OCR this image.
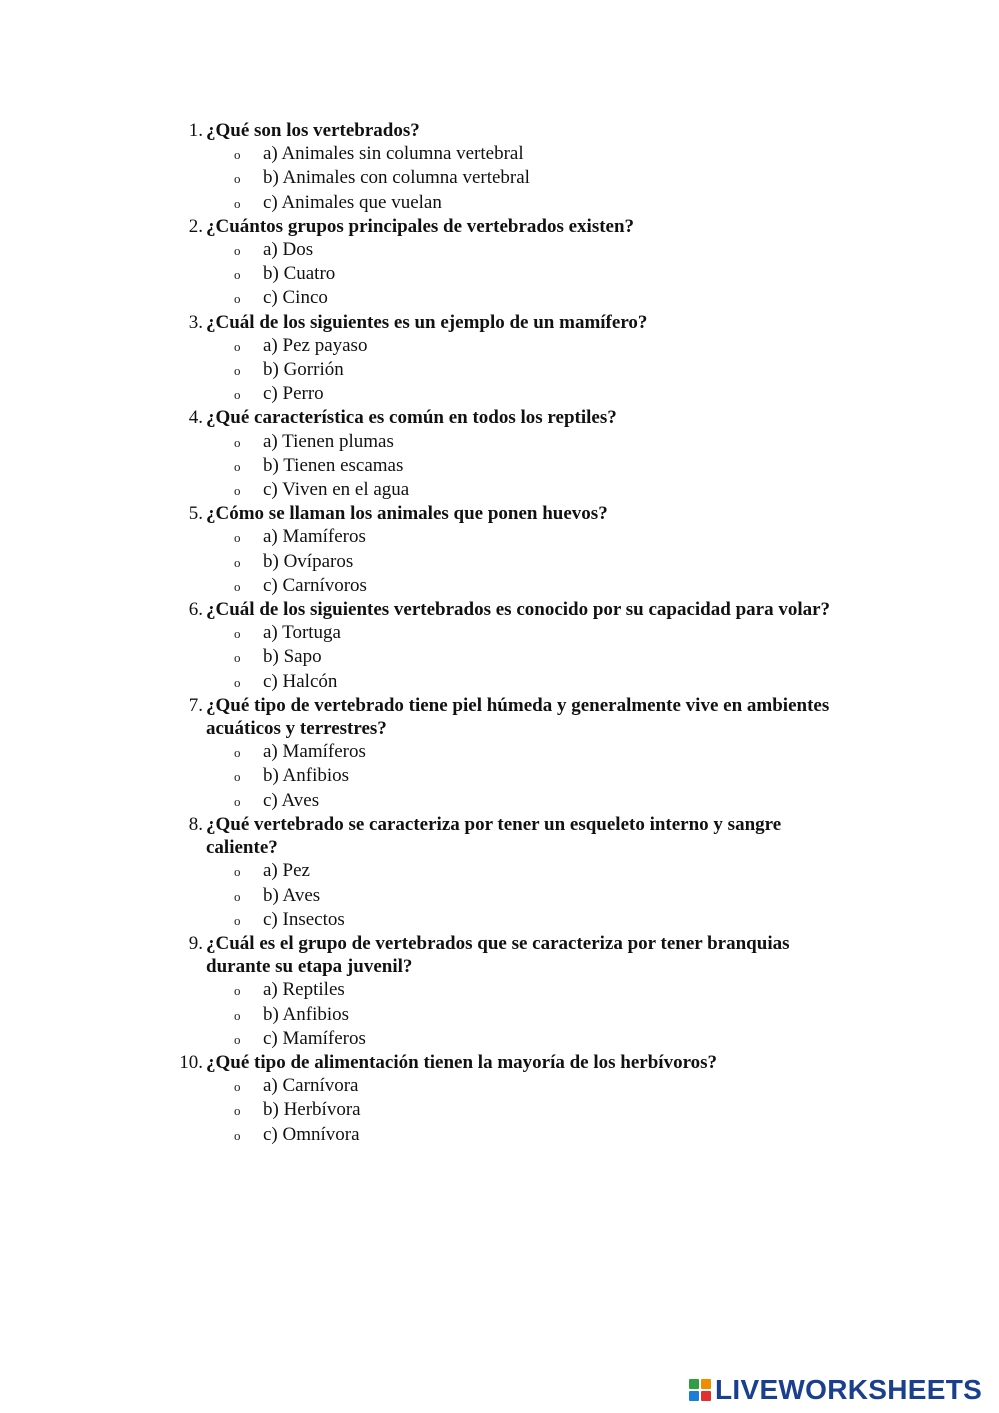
1. ¿Qué son los vertebrados?

o	a) Animales sin columna vertebral
o	b) Animales con columna vertebral
o	c) Animales que vuelan
2. ¿Cuántos grupos principales de vertebrados existen?

o	a) Dos
o	b) Cuatro
o	c) Cinco
3. ¿Cuál de los siguientes es un ejemplo de un mamífero?

o	a) Pez payaso
o	b) Gorrión
o	c) Perro
4. ¿Qué característica es común en todos los reptiles?

o	a) Tienen plumas
o	b) Tienen escamas
o	c) Viven en el agua
5. ¿Cómo se llaman los animales que ponen huevos?

o	a) Mamíferos
o	b) Ovíparos
o	c) Carnívoros
6. ¿Cuál de los siguientes vertebrados es conocido por su capacidad para volar?

o	a) Tortuga
o	b) Sapo
o	c) Halcón
7. ¿Qué tipo de vertebrado tiene piel húmeda y generalmente vive en ambientes acuáticos y terrestres?

o	a) Mamíferos
o	b) Anfibios
o	c) Aves
8. ¿Qué vertebrado se caracteriza por tener un esqueleto interno y sangre caliente?

o	a) Pez
o	b) Aves
o	c) Insectos
9. ¿Cuál es el grupo de vertebrados que se caracteriza por tener branquias durante su etapa juvenil?

o	a) Reptiles
o	b) Anfibios
o	c) Mamíferos
10. ¿Qué tipo de alimentación tienen la mayoría de los herbívoros?

o	a) Carnívora
o	b) Herbívora
o	c) Omnívora
LIVEWORKSHEETS
